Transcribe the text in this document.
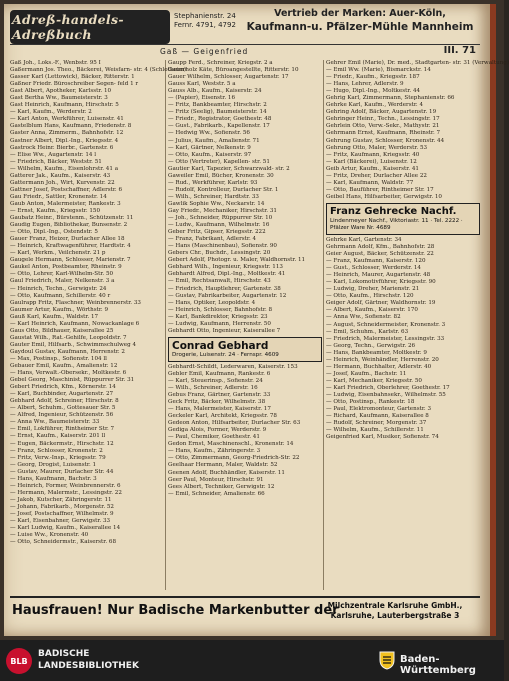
Adreß-handels-Adreßbuch
Stephanienstr. 24
Fernr. 4791, 4792
Vertrieb der Marken: Auer-Köln,
Kaufmann-u. Pfälzer-Mühle Mannheim
Gaß — Geigenfried	III. 71
Gaß Joh., Loks.-F., Wenbstr. 95 I
Gaßermann Jos. Theo., Bäckerei, Weisfarn- str. 4 (Schlotheim)
Gasser Karl (Lettowick), Bäcker, Ritterstr. 1
Gaßner Friedr. Büroschreiber Segen- feld 1 r
Gast Albert, Apotheker, Karlsstr. 10
Gast Bertha Ww., Baumeisterstr. 3
Gast Heinrich, Kaufmann, Hirschstr. 5
— Karl, Kaufm., Werderstr. 2
— Karl Anton, Werkführer, Luisenstr. 41
Gastelblum Hans, Kaufmann, Friedenstr. 8
Gaster Anna, Zimmerm., Bahnhofstr. 12
Gastner Albert, Dipl.-Ing., Kriegsstr. 4
Gastrock Heinr. Bierbr., Gartenstr. 6
— Elise Ww., Augartenstr. 14 l
— Friedrich, Bäcker, Weststr. 51
— Wilhelm, Kaufm., Eisenlohrstr. 41 a
Gatterer Jak., Kaufm., Kaiserstr. 43
Gattermann Joh., Wirt, Kurvenstr. 22
Gattner Josef, Postschaffner, Adlerstr. 6
Gau Friedr., Sattler, Kronenstr. 14
Gaub Anton, Malermeister, Rankestr. 3
— Ernst, Kaufm., Kriegsstr. 150
Gaubatz Heinr., Bürstenm., Schützenstr. 11
Gaudig Eugen, Bibliothekar, Bunsenstr. 2
— Otto, Dipl.-Ing., Ostendstr. 5
Gauer Franz, Heizer, Durlacher Allee 18
— Heinrich, Kraftwagenführer, Hardtstr. 4
— Karl, Werkm., Veilchenstr. 21 p
Gaugele Hermann, Schlosser, Marienstr. 7
Gaukel Anton, Postbeamter, Rheinstr. 9
— Otto, Lehrer, Karl-Wilhelm-Str. 50
Gaul Friedrich, Maler, Nelkenstr. 3 a
— Heinrich, Techn., Gerwigstr. 24
— Otto, Kaufmann, Schillerstr. 40 r
Gaulrapp Fritz, Flaschner, Weinbrennerstr. 33
Gaumer Artur, Kaufm., Wörthstr. 9
Gauß Karl, Kaufm., Waldstr. 17
— Karl Heinrich, Kaufmann, Nowackanlage 6
Gaus Otto, Bildhauer, Kaiserallee 25
Gaustat Wilh., Rat.-Gehilfe, Leopoldstr. 7
Gauter Emil, Hilfsarb., Schwimmschulweg 4
Gaydoul Gustav, Kaufmann, Herrenstr. 2
— Max, Postinsp., Sofienstr. 104 ll
Gebauer Emil, Kaufm., Amalienstr. 12
— Hans, Verwalt.-Obersekr., Moltkestr. 6
Gebel Georg, Maschinist, Rüppurrer Str. 31
Gebert Friedrich, Kfm., Körnerstr. 14
— Karl, Buchbinder, Augartenstr. 27
Gebhard Adolf, Schreiner, Hirschstr. 8
— Albert, Schuhm., Gottesauer Str. 5
— Alfred, Ingenieur, Schützenstr. 56
— Anna Ww., Baumeisterstr. 33
— Emil, Lokführer, Rintheimer Str. 7
— Ernst, Kaufm., Kaiserstr. 201 ll
— Eugen, Bäckermstr., Hirschstr. 12
— Franz, Schlosser, Kronenstr. 2
— Fritz, Verw.-Insp., Kriegsstr. 79
— Georg, Drogist, Luisenstr. 1
— Gustav, Maurer, Durlacher Str. 44
— Hans, Kaufmann, Bachstr. 3
— Heinrich, Former, Weinbrennerstr. 6
— Hermann, Malermstr., Lessingstr. 22
— Jakob, Kutscher, Zähringerstr. 11
— Johann, Fabrikarb., Morgenstr. 52
— Josef, Postschaffner, Wilhelmstr. 9
— Karl, Eisenbahner, Gerwigstr. 33
— Karl Ludwig, Kaufm., Kaiserallee 14
— Luise Ww., Kronenstr. 40
— Otto, Schneidermstr., Kaiserstr. 68
Gaupp Ferd., Schreiner, Kriegstr. 2 a
Gauerholz Käte, Büroangestellte, Ritterstr. 10
Gauer Wilhelm, Schlosser, Augartenstr. 17
Gauss Karl, Weststr. 5 a
Gauss Alb., Kaufm., Kaiserstr. 24
— (Papier), Eisenstr. 16
— Fritz, Bankbeamter, Hirschstr. 2
— Fritz (Seelig), Baumeisterstr. 14
— Friedr., Registrator, Goethestr. 48
— Gust., Fabrikarb., Kapellenstr. 17
— Hedwig Ww., Sofienstr. 56
— Julius, Kaufm., Amalienstr. 71
— Karl, Gärtner, Nelkenstr. 9
— Otto, Kaufm., Kaiserstr. 97
— Otto (Vertreter), Kapellen- str. 51
Gautier Karl, Tapezier, Schwarzwald- str. 2
Gaweiler Emil, Bücher, Kronenstr. 30
— Rud., Werkführer, Karlstr. 93
— Rudolf, Kontrolleur, Durlacher Str. 1
— Wilh., Schreiner, Hardtstr. 33
Gawlik Sophie Ww., Neckarstr. 14
Gay Friedr., Mechaniker, Hirschstr. 31
— Joh., Schneider, Rüppurrer Str. 10
— Ludw., Kaufmann, Wilhelmstr. 16
Geber Fritz, Gipser, Kriegsstr. 222
— Franz, Fabrikant, Adlerstr. 4
— Hans (Maschinenbau), Sofienstr. 90
Gebers Chr., Buchdr., Lessingstr. 20
Gebert Adolf, Photogr. u. Maler, Waldhornstr. 11
Gebhard Wilh., Ingenieur, Kriegsstr. 113
Gebhardt Alfred, Dipl.-Ing., Moltkestr. 41
— Emil, Rechtsanwalt, Hirschstr. 43
— Friedrich, Hauptlehrer, Gartenstr. 38
— Gustav, Fabrikarbeiter, Augartenstr. 12
— Hans, Optiker, Leopoldstr. 4
— Heinrich, Schlosser, Bahnhofstr. 8
— Karl, Bankdirektor, Kriegsstr. 23
— Ludwig, Kaufmann, Herrenstr. 50
Gebhardt Otto, Ingenieur, Kaiserallee 7
Conrad Gebhard
Drogerie, Luisenstr. 24 · Fernspr. 4609
Gebhardt-Schildt, Lederwaren, Kaiserstr. 153
Gebler Emil, Kaufmann, Rankestr. 6
— Karl, Steuerinsp., Sofienstr. 24
— Wilh., Schreiner, Adlerstr. 16
Gebus Franz, Gärtner, Gartenstr. 33
Geck Fritz, Bäcker, Wilhelmstr. 38
— Hans, Malermeister, Kaiserstr. 17
Geckeler Karl, Architekt, Kriegsstr. 78
Gedeon Anton, Hilfsarbeiter, Durlacher Str. 63
Gediga Alois, Former, Werderstr. 9
— Paul, Chemiker, Goethestr. 41
Gedon Ernst, Maschinenschl., Kronenstr. 14
— Hans, Kaufm., Zähringerstr. 3
— Otto, Zimmermann, Georg-Friedrich-Str. 22
Geelhaar Hermann, Maler, Waldstr. 52
Geenen Adolf, Buchhändler, Kaiserstr. 11
Geer Paul, Monteur, Hirschstr. 91
Gees Albert, Techniker, Gerwigstr. 12
— Emil, Schneider, Amalienstr. 66
Gehrer Emil (Marie), Dr. med., Stadtgarten- str. 31 (Verwaltung)
— Emil Ww. (Marie), Bismarckstr. 14
— Friedr., Kaufm., Kriegsstr. 187
— Hans, Lehrer, Adlerstr. 9
— Hugo, Dipl.-Ing., Moltkestr. 44
Gehrig Karl, Zimmermann, Stephanienstr. 66
Gehrke Karl, Kaufm., Werderstr. 4
Gehring Adolf, Bäcker, Augartenstr. 19
Gehringer Heinr., Techn., Lessingstr. 17
Gehrlein Otto, Verw.-Sekr., Mathystr. 21
Gehrmann Ernst, Kaufmann, Rheinstr. 7
Gehrung Gustav, Schlosser, Kronenstr. 44
Gehrung Otto, Maler, Werderstr. 53
— Fritz, Kaufmann, Kriegsstr. 40
— Karl (Bäckerei), Luisenstr. 12
Geib Artur, Kaufm., Kaiserstr. 41
— Fritz, Dreher, Durlacher Allee 22
— Karl, Kaufmann, Waldstr. 77
— Otto, Bauführer, Rintheimer Str. 17
Geibel Hans, Hilfsarbeiter, Gerwigstr. 10
Franz Gehrecke Nachf.
Lindenmeyer Nachf., Viktoriastr. 11 · Tel. 2222 · Pfälzer Ware Nr. 4689
Gehrke Karl, Gartenstr. 34
Gehrmann Adolf, Kfm., Bahnhofstr. 28
Geier August, Bäcker, Schützenstr. 22
— Franz, Kaufmann, Kaiserstr. 120
— Gust., Schlosser, Werderstr. 14
— Heinrich, Maurer, Augartenstr. 48
— Karl, Lokomotivführer, Kriegsstr. 90
— Ludwig, Dreher, Marienstr. 21
— Otto, Kaufm., Hirschstr. 120
Geiger Adolf, Gärtner, Waldhornstr. 19
— Albert, Kaufm., Kaiserstr. 170
— Anna Ww., Sofienstr. 82
— August, Schneidermeister, Kronenstr. 3
— Emil, Schuhm., Karlstr. 63
— Friedrich, Malermeister, Lessingstr. 33
— Georg, Techn., Gerwigstr. 26
— Hans, Bankbeamter, Moltkestr. 9
— Heinrich, Weinhändler, Herrenstr. 20
— Hermann, Buchhalter, Adlerstr. 40
— Josef, Kaufm., Bachstr. 11
— Karl, Mechaniker, Kriegsstr. 50
— Karl Friedrich, Oberlehrer, Goethestr. 17
— Ludwig, Eisenbahnsekr., Wilhelmstr. 55
— Otto, Postinsp., Rankestr. 18
— Paul, Elektromonteur, Gartenstr. 3
— Richard, Kaufmann, Kaiserallee 8
— Rudolf, Schreiner, Morgenstr. 37
— Wilhelm, Kaufm., Schillerstr. 11
Geigenfried Karl, Musiker, Sofienstr. 74
Hausfrauen! Nur Badische Markenbutter der
Milchzentrale Karlsruhe GmbH., Karlsruhe, Lauterbergstraße 3
BLB
BADISCHE
LANDESBIBLIOTHEK
Baden-Württemberg
